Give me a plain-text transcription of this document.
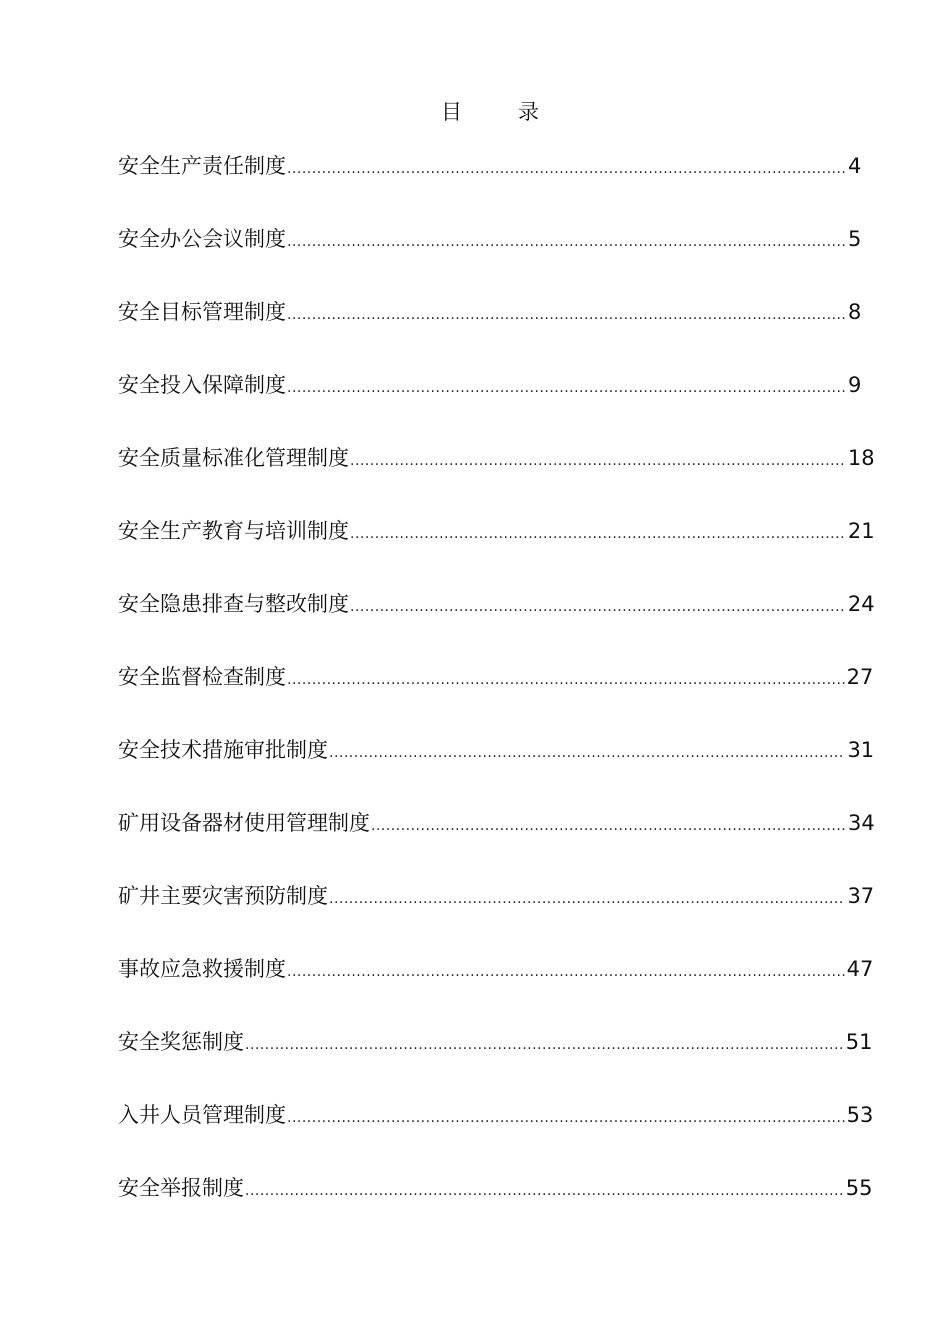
目	录
安全生产责任制度 .....	4
安全办公会议制度 .....	5
安全目标管理制度 .....	8
安全投入保障制度 .....	9
安全质量标准化管理制度 .....	18
安全生产教育与培训制度 .....	21
安全隐患排查与整改制度 .....	24
安全监督检查制度 .....	27
安全技术措施审批制度 .....	31
矿用设备器材使用管理制度 .....	34
矿井主要灾害预防制度 .....	37
事故应急救援制度 .....	47
安全奖惩制度 .....	51
入井人员管理制度 .....	53
安全举报制度 .....	55
